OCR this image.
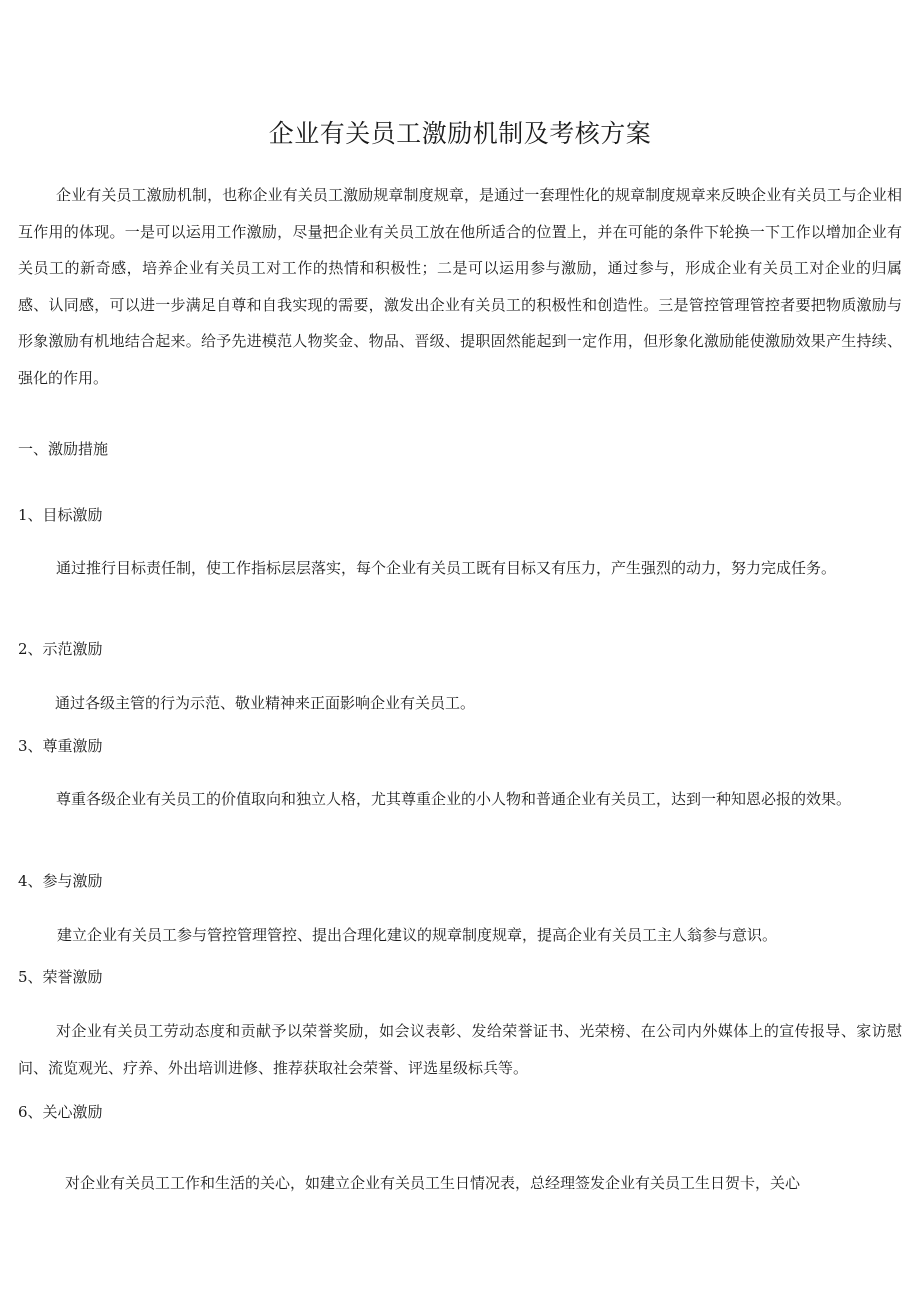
企业有关员工激励机制及考核方案

企业有关员工激励机制，也称企业有关员工激励规章制度规章，是通过一套理性化的规章制度规章来反映企业有关员工与企业相互作用的体现。一是可以运用工作激励，尽量把企业有关员工放在他所适合的位置上，并在可能的条件下轮换一下工作以增加企业有关员工的新奇感，培养企业有关员工对工作的热情和积极性；二是可以运用参与激励，通过参与，形成企业有关员工对企业的归属感、认同感，可以进一步满足自尊和自我实现的需要，激发出企业有关员工的积极性和创造性。三是管控管理管控者要把物质激励与形象激励有机地结合起来。给予先进模范人物奖金、物品、晋级、提职固然能起到一定作用，但形象化激励能使激励效果产生持续、强化的作用。

一、激励措施
1、目标激励

通过推行目标责任制，使工作指标层层落实，每个企业有关员工既有目标又有压力，产生强烈的动力，努力完成任务。

2、示范激励

通过各级主管的行为示范、敬业精神来正面影响企业有关员工。

3、尊重激励

尊重各级企业有关员工的价值取向和独立人格，尤其尊重企业的小人物和普通企业有关员工，达到一种知恩必报的效果。

4、参与激励

建立企业有关员工参与管控管理管控、提出合理化建议的规章制度规章，提高企业有关员工主人翁参与意识。

5、荣誉激励

对企业有关员工劳动态度和贡献予以荣誉奖励，如会议表彰、发给荣誉证书、光荣榜、在公司内外媒体上的宣传报导、家访慰问、流览观光、疗养、外出培训进修、推荐获取社会荣誉、评选星级标兵等。

6、关心激励

对企业有关员工工作和生活的关心，如建立企业有关员工生日情况表，总经理签发企业有关员工生日贺卡，关心
